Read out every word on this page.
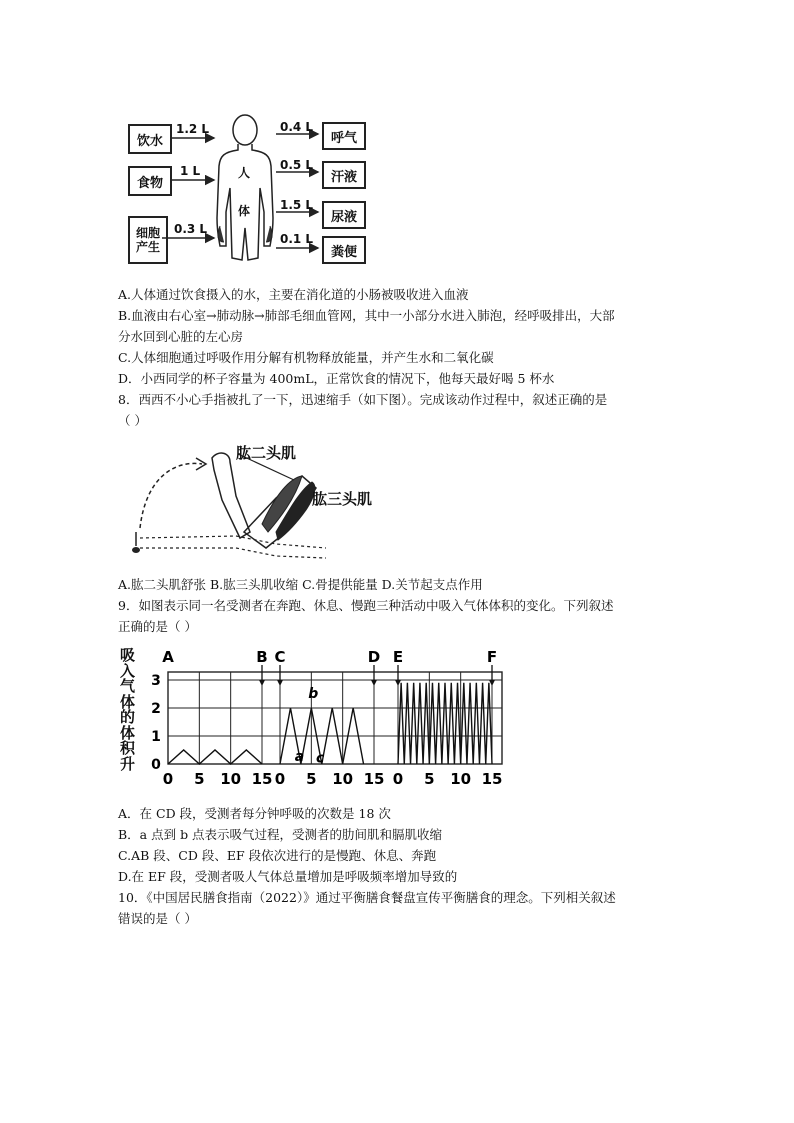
饮水
食物
细胞产生
1.2 L
1 L
0.3 L
人
体
0.4 L
0.5 L
1.5 L
0.1 L
呼气
汗液
尿液
粪便
A.人体通过饮食摄入的水，主要在消化道的小肠被吸收进入血液
B.血液由右心室→肺动脉→肺部毛细血管网，其中一小部分水进入肺泡，经呼吸排出，大部
分水回到心脏的左心房
C.人体细胞通过呼吸作用分解有机物释放能量，并产生水和二氧化碳
D．小西同学的杯子容量为 400mL，正常饮食的情况下，他每天最好喝 5 杯水
8．西西不小心手指被扎了一下，迅速缩手（如下图）。完成该动作过程中，叙述正确的是
（ ）
肱二头肌
肱三头肌
A.肱二头肌舒张 B.肱三头肌收缩 C.骨提供能量 D.关节起支点作用
9．如图表示同一名受测者在奔跑、休息、慢跑三种活动中吸入气体体积的变化。下列叙述
正确的是（ ）
0
1
2
3
0 5 10 15 0 5 10 15 0 5 10 15
A	B C	D E	F
a
b
c
吸入气体的体积升
A．在 CD 段，受测者每分钟呼吸的次数是 18 次
B．a 点到 b 点表示吸气过程，受测者的肋间肌和膈肌收缩
C.AB 段、CD 段、EF 段依次进行的是慢跑、休息、奔跑
D.在 EF 段，受测者吸人气体总量增加是呼吸频率增加导致的
10．《中国居民膳食指南（2022）》通过平衡膳食餐盘宣传平衡膳食的理念。下列相关叙述
错误的是（ ）
